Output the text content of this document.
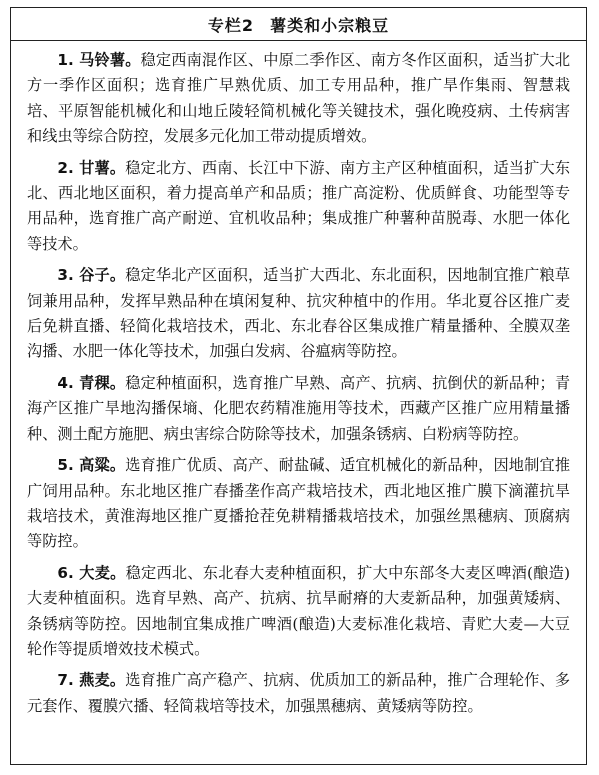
专栏2 薯类和小宗粮豆

1. 马铃薯。稳定西南混作区、中原二季作区、南方冬作区面积，适当扩大北方一季作区面积；选育推广早熟优质、加工专用品种，推广旱作集雨、智慧栽培、平原智能机械化和山地丘陵轻简机械化等关键技术，强化晚疫病、土传病害和线虫等综合防控，发展多元化加工带动提质增效。

2. 甘薯。稳定北方、西南、长江中下游、南方主产区种植面积，适当扩大东北、西北地区面积，着力提高单产和品质；推广高淀粉、优质鲜食、功能型等专用品种，选育推广高产耐逆、宜机收品种；集成推广种薯种苗脱毒、水肥一体化等技术。

3. 谷子。稳定华北产区面积，适当扩大西北、东北面积，因地制宜推广粮草饲兼用品种，发挥早熟品种在填闲复种、抗灾种植中的作用。华北夏谷区推广麦后免耕直播、轻简化栽培技术，西北、东北春谷区集成推广精量播种、全膜双垄沟播、水肥一体化等技术，加强白发病、谷瘟病等防控。

4. 青稞。稳定种植面积，选育推广早熟、高产、抗病、抗倒伏的新品种；青海产区推广旱地沟播保墒、化肥农药精准施用等技术，西藏产区推广应用精量播种、测土配方施肥、病虫害综合防除等技术，加强条锈病、白粉病等防控。

5. 高粱。选育推广优质、高产、耐盐碱、适宜机械化的新品种，因地制宜推广饲用品种。东北地区推广春播垄作高产栽培技术，西北地区推广膜下滴灌抗旱栽培技术，黄淮海地区推广夏播抢茬免耕精播栽培技术，加强丝黑穗病、顶腐病等防控。

6. 大麦。稳定西北、东北春大麦种植面积，扩大中东部冬大麦区啤酒(酿造)大麦种植面积。选育早熟、高产、抗病、抗旱耐瘠的大麦新品种，加强黄矮病、条锈病等防控。因地制宜集成推广啤酒(酿造)大麦标准化栽培、青贮大麦—大豆轮作等提质增效技术模式。

7. 燕麦。选育推广高产稳产、抗病、优质加工的新品种，推广合理轮作、多元套作、覆膜穴播、轻简栽培等技术，加强黑穗病、黄矮病等防控。
